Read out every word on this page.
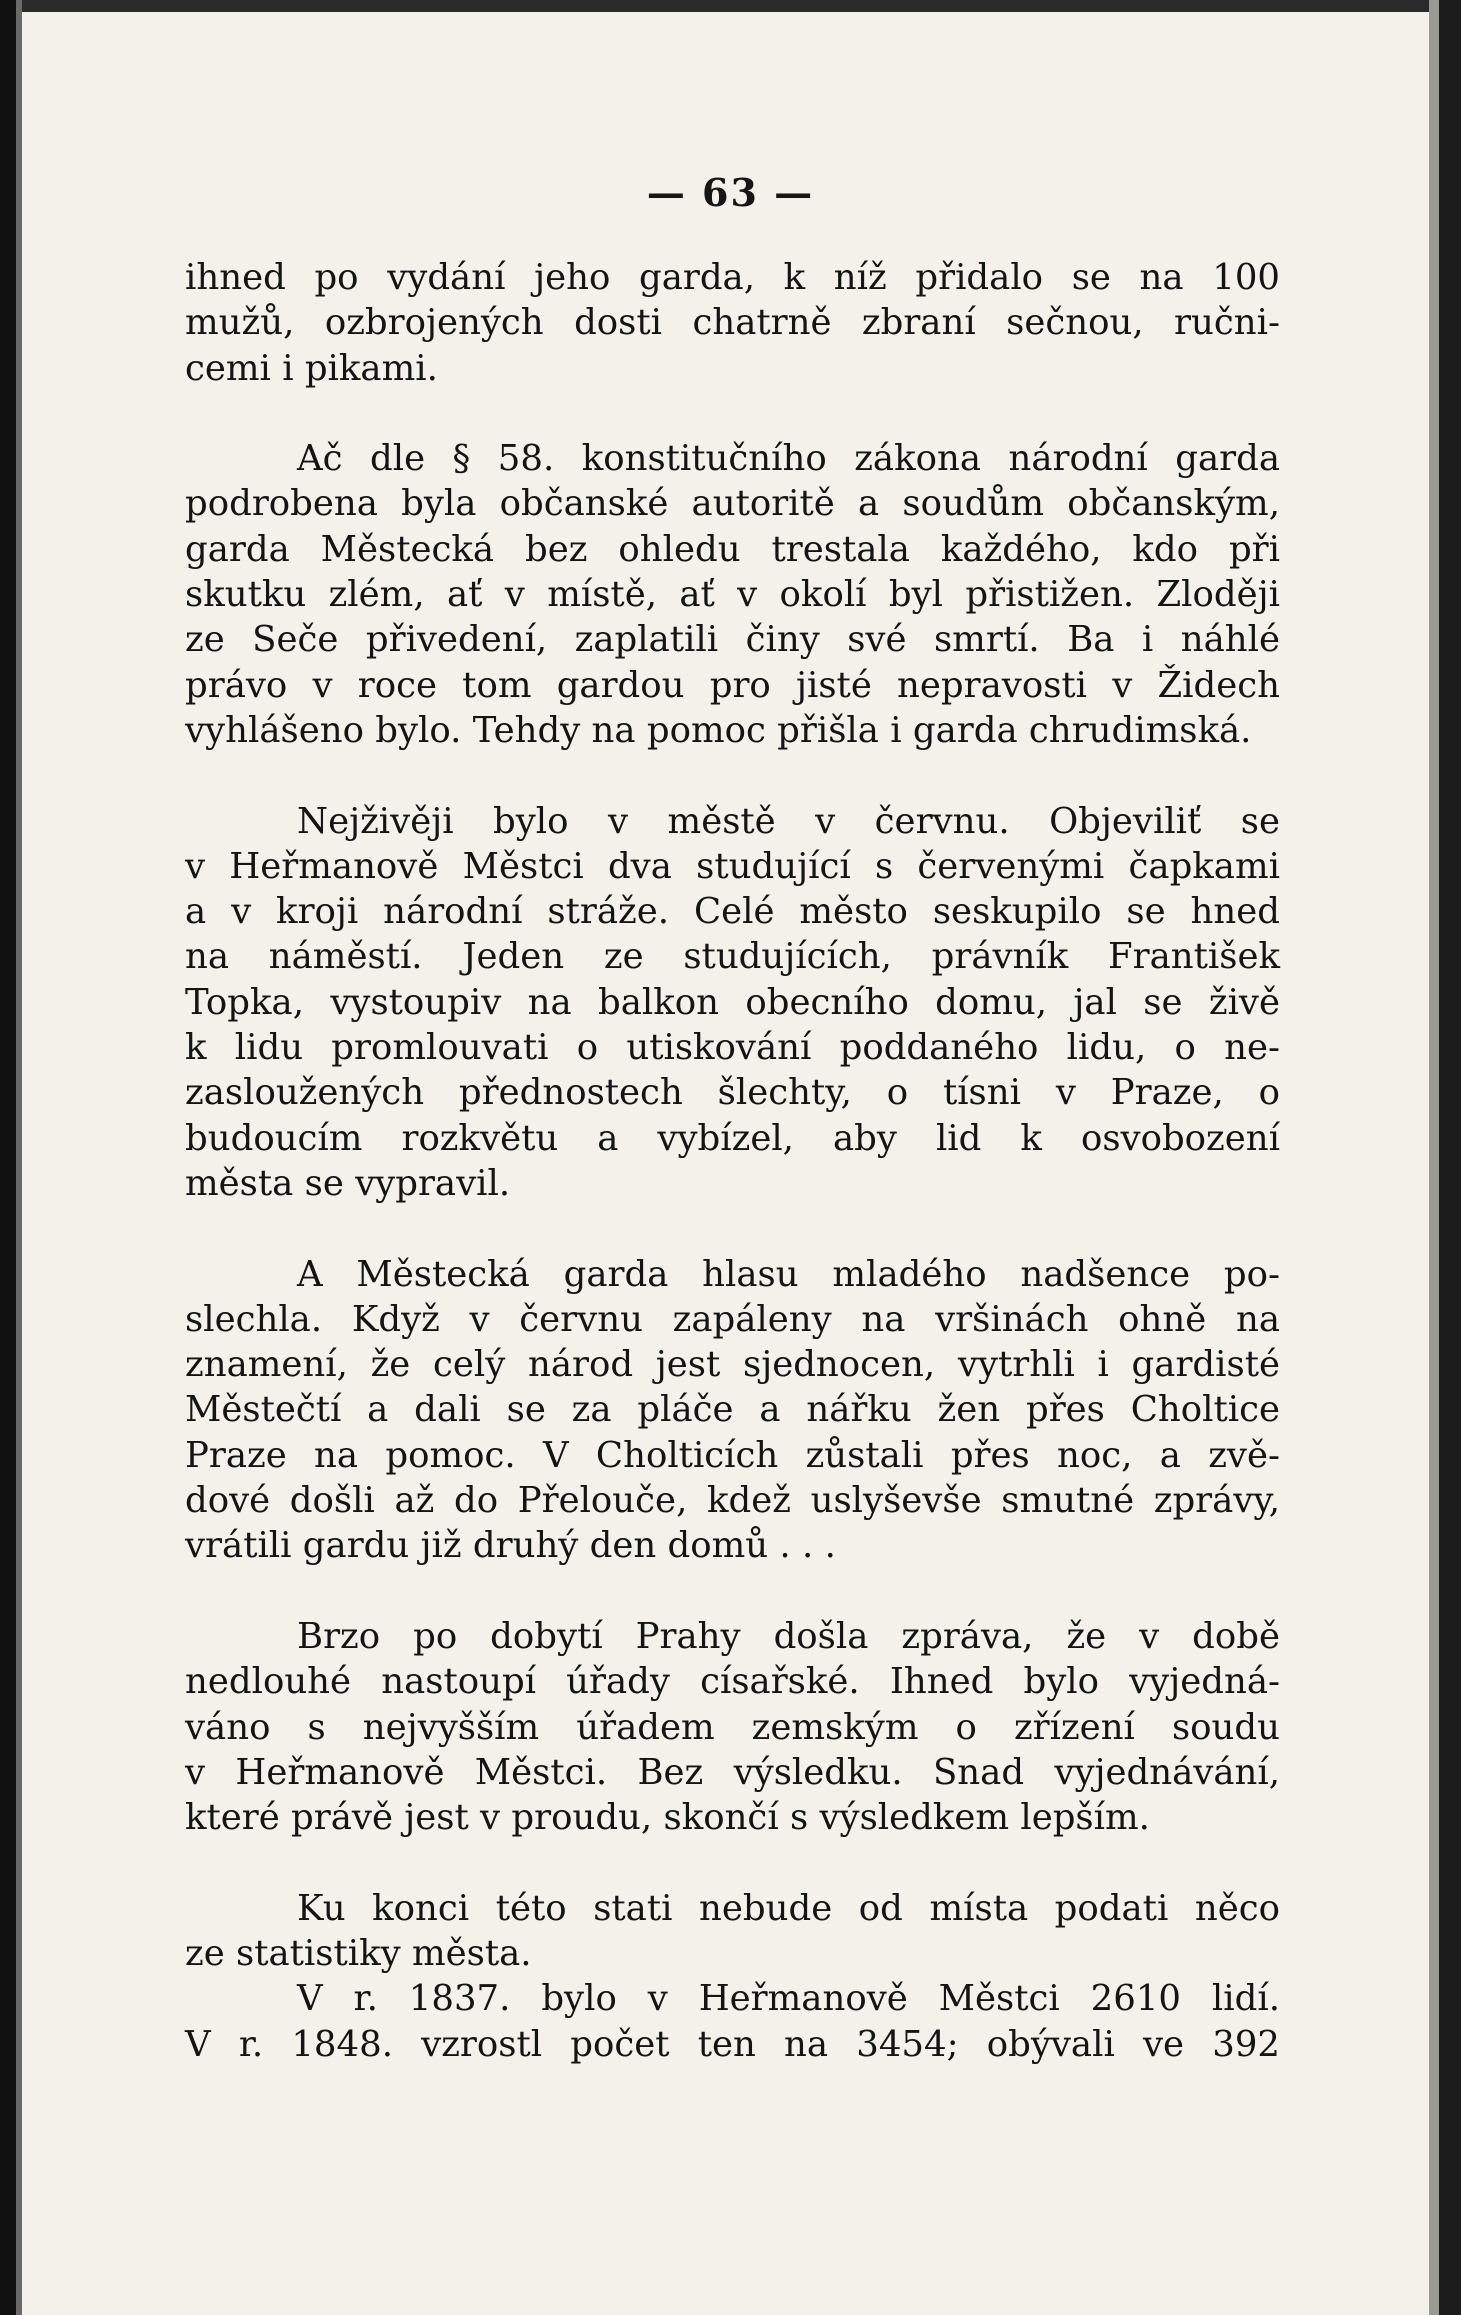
— 63 —
ihned po vydání jeho garda, k níž přidalo se na 100
mužů, ozbrojených dosti chatrně zbraní sečnou, ručni-
cemi i pikami.
Ač dle § 58. konstitučního zákona národní garda
podrobena byla občanské autoritě a soudům občanským,
garda Městecká bez ohledu trestala každého, kdo při
skutku zlém, ať v místě, ať v okolí byl přistižen. Zloději
ze Seče přivedení, zaplatili činy své smrtí. Ba i náhlé
právo v roce tom gardou pro jisté nepravosti v Židech
vyhlášeno bylo. Tehdy na pomoc přišla i garda chrudimská.
Nejživěji bylo v městě v červnu. Objeviliť se
v Heřmanově Městci dva studující s červenými čapkami
a v kroji národní stráže. Celé město seskupilo se hned
na náměstí. Jeden ze studujících, právník František
Topka, vystoupiv na balkon obecního domu, jal se živě
k lidu promlouvati o utiskování poddaného lidu, o ne-
zasloužených přednostech šlechty, o tísni v Praze, o
budoucím rozkvětu a vybízel, aby lid k osvobození
města se vypravil.
A Městecká garda hlasu mladého nadšence po-
slechla. Když v červnu zapáleny na vršinách ohně na
znamení, že celý národ jest sjednocen, vytrhli i gardisté
Městečtí a dali se za pláče a nářku žen přes Choltice
Praze na pomoc. V Cholticích zůstali přes noc, a zvě-
dové došli až do Přelouče, kdež uslyševše smutné zprávy,
vrátili gardu již druhý den domů . . .
Brzo po dobytí Prahy došla zpráva, že v době
nedlouhé nastoupí úřady císařské. Ihned bylo vyjedná-
váno s nejvyšším úřadem zemským o zřízení soudu
v Heřmanově Městci. Bez výsledku. Snad vyjednávání,
které právě jest v proudu, skončí s výsledkem lepším.
Ku konci této stati nebude od místa podati něco
ze statistiky města.
V r. 1837. bylo v Heřmanově Městci 2610 lidí.
V r. 1848. vzrostl počet ten na 3454; obývali ve 392
